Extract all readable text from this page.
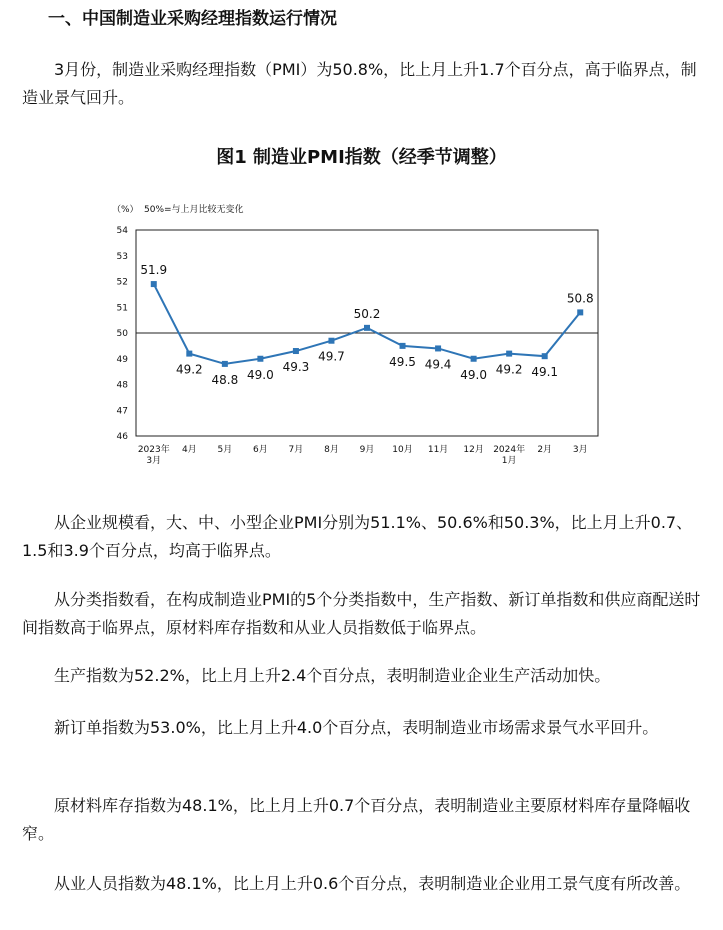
一、中国制造业采购经理指数运行情况

3月份，制造业采购经理指数（PMI）为50.8%，比上月上升1.7个百分点，高于临界点，制造业景气回升。

图1 制造业PMI指数（经季节调整）
（%） 50%=与上月比较无变化
46
47
48
49
50
51
52
53
54
2023年 3月
4月 5月 6月 7月 8月 9月 10月 11月 12月 2024年 1月
2月 3月
51.9
49.2
48.8 49.0
49.3
49.7
50.2
49.5 49.4
49.0 49.2 49.1
50.8

从企业规模看，大、中、小型企业PMI分别为51.1%、50.6%和50.3%，比上月上升0.7、1.5和3.9个百分点，均高于临界点。

从分类指数看，在构成制造业PMI的5个分类指数中，生产指数、新订单指数和供应商配送时间指数高于临界点，原材料库存指数和从业人员指数低于临界点。

生产指数为52.2%，比上月上升2.4个百分点，表明制造业企业生产活动加快。

新订单指数为53.0%，比上月上升4.0个百分点，表明制造业市场需求景气水平回升。

原材料库存指数为48.1%，比上月上升0.7个百分点，表明制造业主要原材料库存量降幅收窄。

从业人员指数为48.1%，比上月上升0.6个百分点，表明制造业企业用工景气度有所改善。
